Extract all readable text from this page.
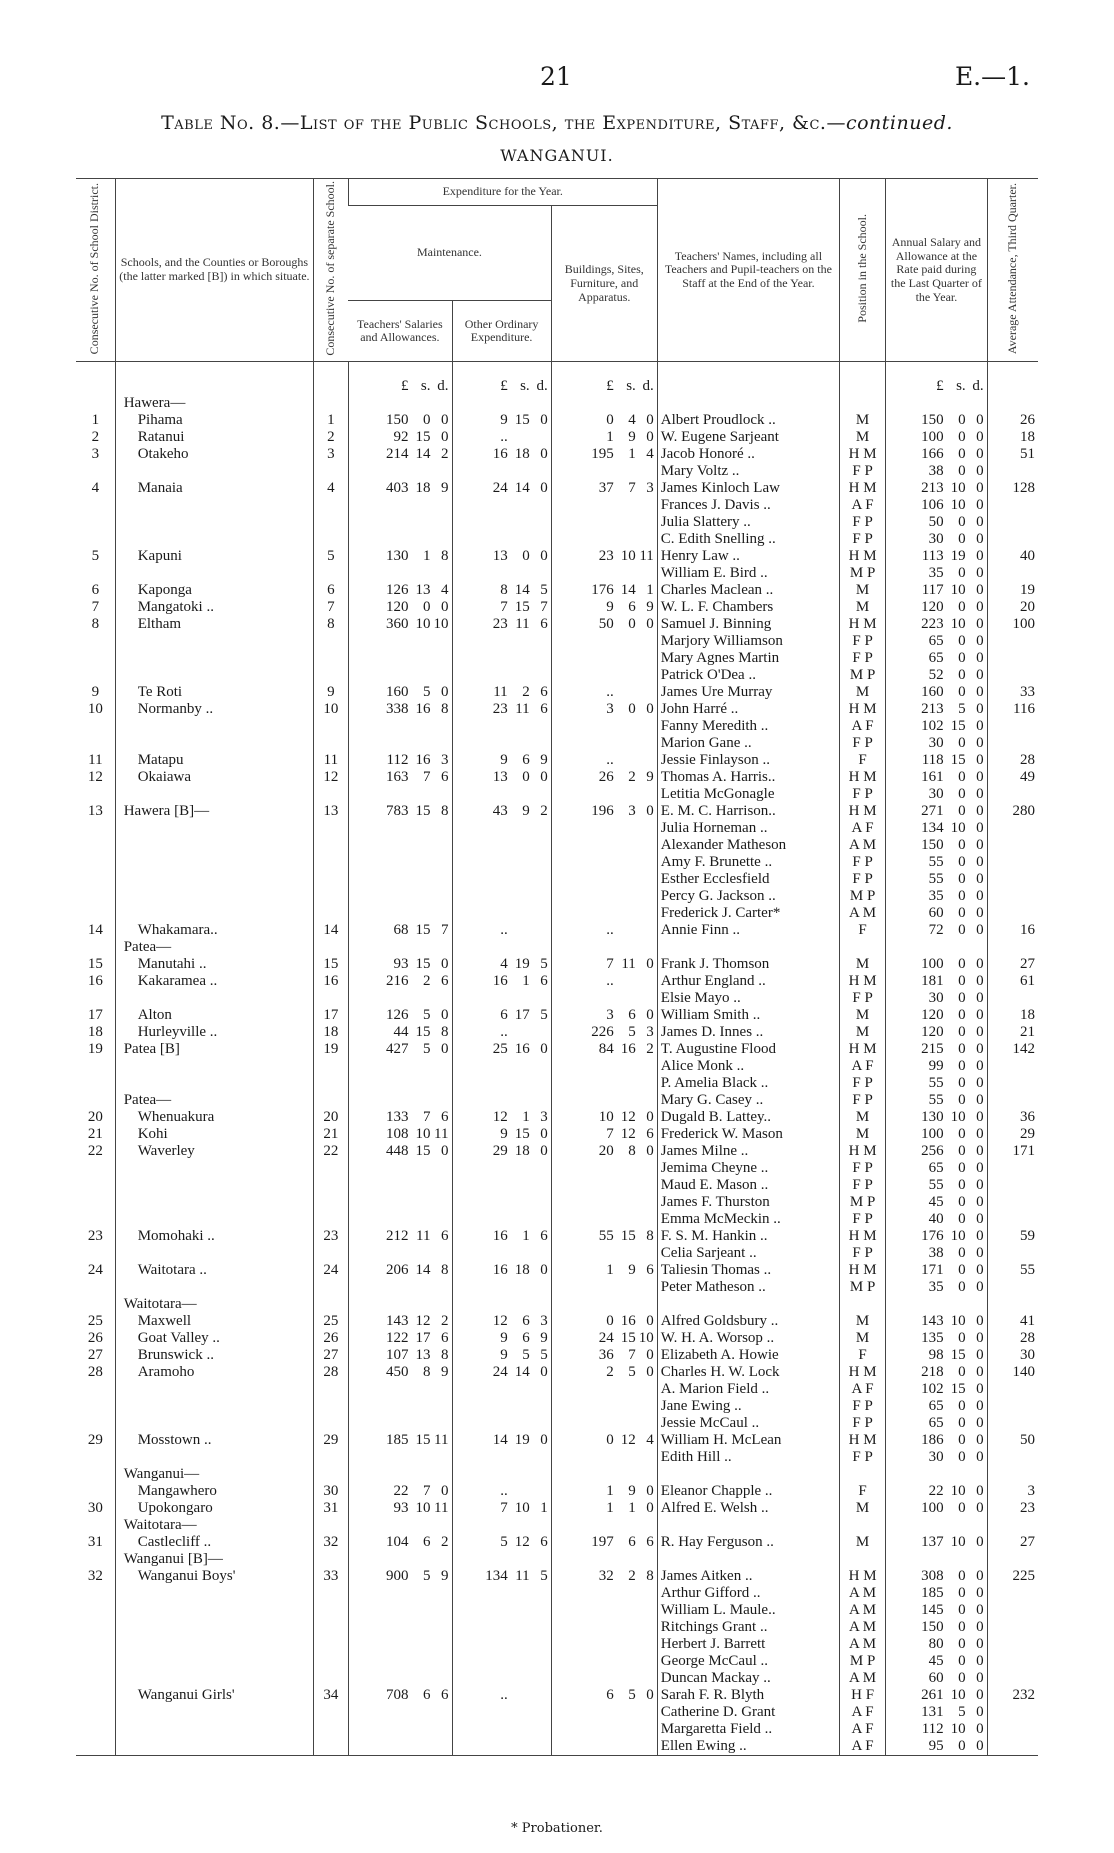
21	E.—1.
Table No. 8.—List of the Public Schools, the Expenditure, Staff, &c.—continued.
WANGANUI.
Consecutive No. of School District.	Schools, and the Counties or Boroughs (the latter marked [B]) in which situate.	Consecutive No. of separate School.	Expenditure for the Year.			Teachers' Names, including all Teachers and Pupil-teachers on the Staff at the End of the Year.	Position in the School.	Annual Salary and Allowance at the Rate paid during the Last Quarter of the Year.	Average Attendance, Third Quarter.
			Maintenance.		Buildings, Sites, Furniture, and Apparatus.				
			Teachers' Salaries and Allowances.	Other Ordinary Expenditure.					
			£ s. d.	£ s. d.	£ s. d.			£ s. d.	
	Hawera—								
1	Pihama	1	150 0 0	9 15 0	0 4 0	Albert Proudlock ..	M	150 0 0	26
2	Ratanui	2	92 15 0	..	1 9 0	W. Eugene Sarjeant	M	100 0 0	18
3	Otakeho	3	214 14 2	16 18 0	195 1 4	Jacob Honoré ..	H M	166 0 0	51
						Mary Voltz ..	F P	38 0 0	
4	Manaia	4	403 18 9	24 14 0	37 7 3	James Kinloch Law	H M	213 10 0	128
						Frances J. Davis ..	A F	106 10 0	
						Julia Slattery ..	F P	50 0 0	
						C. Edith Snelling ..	F P	30 0 0	
5	Kapuni	5	130 1 8	13 0 0	23 10 11	Henry Law ..	H M	113 19 0	40
						William E. Bird ..	M P	35 0 0	
6	Kaponga	6	126 13 4	8 14 5	176 14 1	Charles Maclean ..	M	117 10 0	19
7	Mangatoki ..	7	120 0 0	7 15 7	9 6 9	W. L. F. Chambers	M	120 0 0	20
8	Eltham	8	360 10 10	23 11 6	50 0 0	Samuel J. Binning	H M	223 10 0	100
						Marjory Williamson	F P	65 0 0	
						Mary Agnes Martin	F P	65 0 0	
						Patrick O'Dea ..	M P	52 0 0	
9	Te Roti	9	160 5 0	11 2 6	..	James Ure Murray	M	160 0 0	33
10	Normanby ..	10	338 16 8	23 11 6	3 0 0	John Harré ..	H M	213 5 0	116
						Fanny Meredith ..	A F	102 15 0	
						Marion Gane ..	F P	30 0 0	
11	Matapu	11	112 16 3	9 6 9	..	Jessie Finlayson ..	F	118 15 0	28
12	Okaiawa	12	163 7 6	13 0 0	26 2 9	Thomas A. Harris..	H M	161 0 0	49
						Letitia McGonagle	F P	30 0 0	
13	Hawera [B]—	13	783 15 8	43 9 2	196 3 0	E. M. C. Harrison..	H M	271 0 0	280
						Julia Horneman ..	A F	134 10 0	
						Alexander Matheson	A M	150 0 0	
						Amy F. Brunette ..	F P	55 0 0	
						Esther Ecclesfield	F P	55 0 0	
						Percy G. Jackson ..	M P	35 0 0	
						Frederick J. Carter*	A M	60 0 0	
14	Whakamara..	14	68 15 7	..	..	Annie Finn ..	F	72 0 0	16
	Patea—								
15	Manutahi ..	15	93 15 0	4 19 5	7 11 0	Frank J. Thomson	M	100 0 0	27
16	Kakaramea ..	16	216 2 6	16 1 6	..	Arthur England ..	H M	181 0 0	61
						Elsie Mayo ..	F P	30 0 0	
17	Alton	17	126 5 0	6 17 5	3 6 0	William Smith ..	M	120 0 0	18
18	Hurleyville ..	18	44 15 8	..	226 5 3	James D. Innes ..	M	120 0 0	21
19	Patea [B]	19	427 5 0	25 16 0	84 16 2	T. Augustine Flood	H M	215 0 0	142
						Alice Monk ..	A F	99 0 0	
						P. Amelia Black ..	F P	55 0 0	
	Patea—					Mary G. Casey ..	F P	55 0 0	
20	Whenuakura	20	133 7 6	12 1 3	10 12 0	Dugald B. Lattey..	M	130 10 0	36
21	Kohi	21	108 10 11	9 15 0	7 12 6	Frederick W. Mason	M	100 0 0	29
22	Waverley	22	448 15 0	29 18 0	20 8 0	James Milne ..	H M	256 0 0	171
						Jemima Cheyne ..	F P	65 0 0	
						Maud E. Mason ..	F P	55 0 0	
						James F. Thurston	M P	45 0 0	
						Emma McMeckin ..	F P	40 0 0	
23	Momohaki ..	23	212 11 6	16 1 6	55 15 8	F. S. M. Hankin ..	H M	176 10 0	59
						Celia Sarjeant ..	F P	38 0 0	
24	Waitotara ..	24	206 14 8	16 18 0	1 9 6	Taliesin Thomas ..	H M	171 0 0	55
						Peter Matheson ..	M P	35 0 0	
	Waitotara—								
25	Maxwell	25	143 12 2	12 6 3	0 16 0	Alfred Goldsbury ..	M	143 10 0	41
26	Goat Valley ..	26	122 17 6	9 6 9	24 15 10	W. H. A. Worsop ..	M	135 0 0	28
27	Brunswick ..	27	107 13 8	9 5 5	36 7 0	Elizabeth A. Howie	F	98 15 0	30
28	Aramoho	28	450 8 9	24 14 0	2 5 0	Charles H. W. Lock	H M	218 0 0	140
						A. Marion Field ..	A F	102 15 0	
						Jane Ewing ..	F P	65 0 0	
						Jessie McCaul ..	F P	65 0 0	
29	Mosstown ..	29	185 15 11	14 19 0	0 12 4	William H. McLean	H M	186 0 0	50
						Edith Hill ..	F P	30 0 0	
	Wanganui—								
	Mangawhero	30	22 7 0	..	1 9 0	Eleanor Chapple ..	F	22 10 0	3
30	Upokongaro	31	93 10 11	7 10 1	1 1 0	Alfred E. Welsh ..	M	100 0 0	23
	Waitotara—								
31	Castlecliff ..	32	104 6 2	5 12 6	197 6 6	R. Hay Ferguson ..	M	137 10 0	27
	Wanganui [B]—								
32	Wanganui Boys'	33	900 5 9	134 11 5	32 2 8	James Aitken ..	H M	308 0 0	225
						Arthur Gifford ..	A M	185 0 0	
						William L. Maule..	A M	145 0 0	
						Ritchings Grant ..	A M	150 0 0	
						Herbert J. Barrett	A M	80 0 0	
						George McCaul ..	M P	45 0 0	
						Duncan Mackay ..	A M	60 0 0	
	Wanganui Girls'	34	708 6 6	..	6 5 0	Sarah F. R. Blyth	H F	261 10 0	232
						Catherine D. Grant	A F	131 5 0	
						Margaretta Field ..	A F	112 10 0	
						Ellen Ewing ..	A F	95 0 0	
* Probationer.
